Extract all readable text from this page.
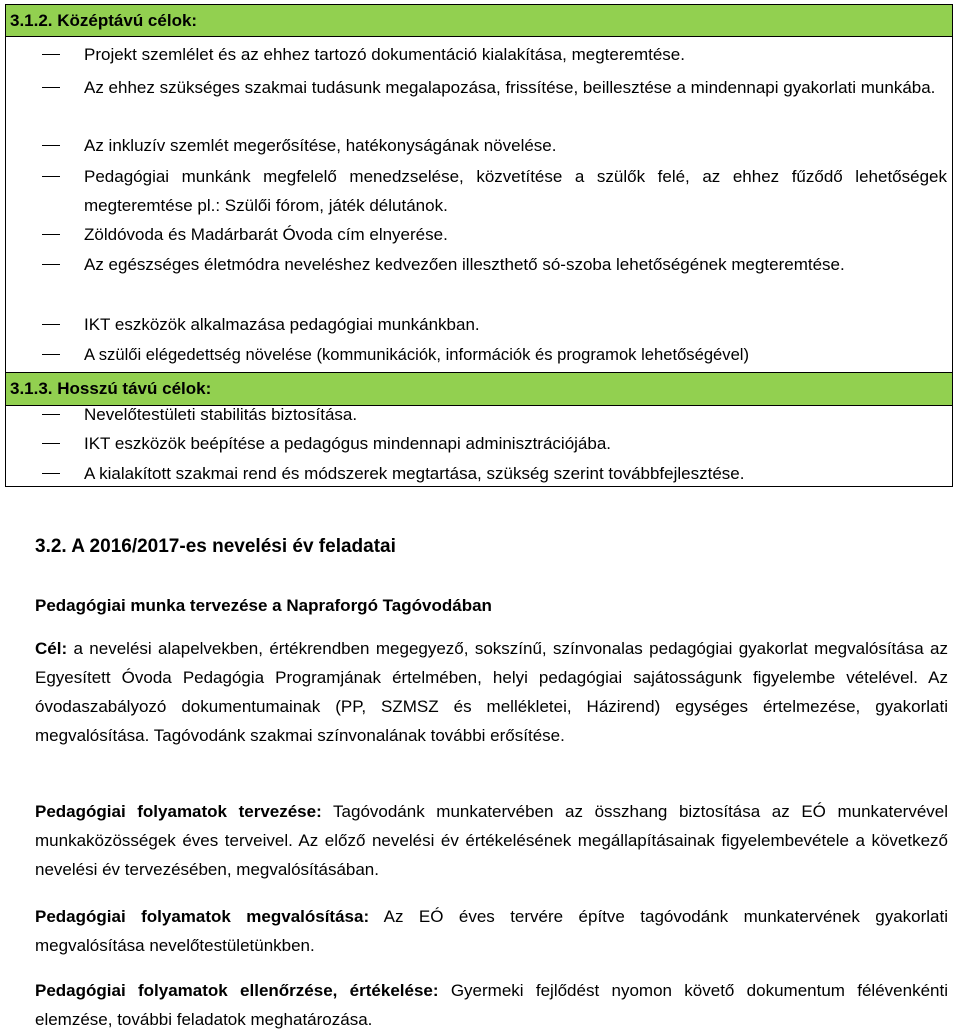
3.1.2. Középtávú célok:
Projekt szemlélet és az ehhez tartozó dokumentáció kialakítása, megteremtése.
Az ehhez szükséges szakmai tudásunk megalapozása, frissítése, beillesztése a mindennapi gyakorlati munkába.
Az inkluzív szemlét megerősítése, hatékonyságának növelése.
Pedagógiai munkánk megfelelő menedzselése, közvetítése a szülők felé, az ehhez fűződő lehetőségek megteremtése pl.: Szülői fórom, játék délutánok.
Zöldóvoda és Madárbarát Óvoda cím elnyerése.
Az egészséges életmódra neveléshez kedvezően illeszthető só-szoba lehetőségének megteremtése.
IKT eszközök alkalmazása pedagógiai munkánkban.
A szülői elégedettség növelése (kommunikációk, információk és programok lehetőségével)
3.1.3. Hosszú távú célok:
Nevelőtestületi stabilitás biztosítása.
IKT eszközök beépítése a pedagógus mindennapi adminisztrációjába.
A kialakított szakmai rend és módszerek megtartása, szükség szerint továbbfejlesztése.
3.2. A 2016/2017-es nevelési év feladatai
Pedagógiai munka tervezése a Napraforgó Tagóvodában
Cél: a nevelési alapelvekben, értékrendben megegyező, sokszínű, színvonalas pedagógiai gyakorlat megvalósítása az Egyesített Óvoda Pedagógia Programjának értelmében, helyi pedagógiai sajátosságunk figyelembe vételével. Az óvodaszabályozó dokumentumainak (PP, SZMSZ és mellékletei, Házirend) egységes értelmezése, gyakorlati megvalósítása. Tagóvodánk szakmai színvonalának további erősítése.
Pedagógiai folyamatok tervezése: Tagóvodánk munkatervében az összhang biztosítása az EÓ munkatervével munkaközösségek éves terveivel. Az előző nevelési év értékelésének megállapításainak figyelembevétele a következő nevelési év tervezésében, megvalósításában.
Pedagógiai folyamatok megvalósítása: Az EÓ éves tervére építve tagóvodánk munkatervének gyakorlati megvalósítása nevelőtestületünkben.
Pedagógiai folyamatok ellenőrzése, értékelése: Gyermeki fejlődést nyomon követő dokumentum félévenkénti elemzése, további feladatok meghatározása.
